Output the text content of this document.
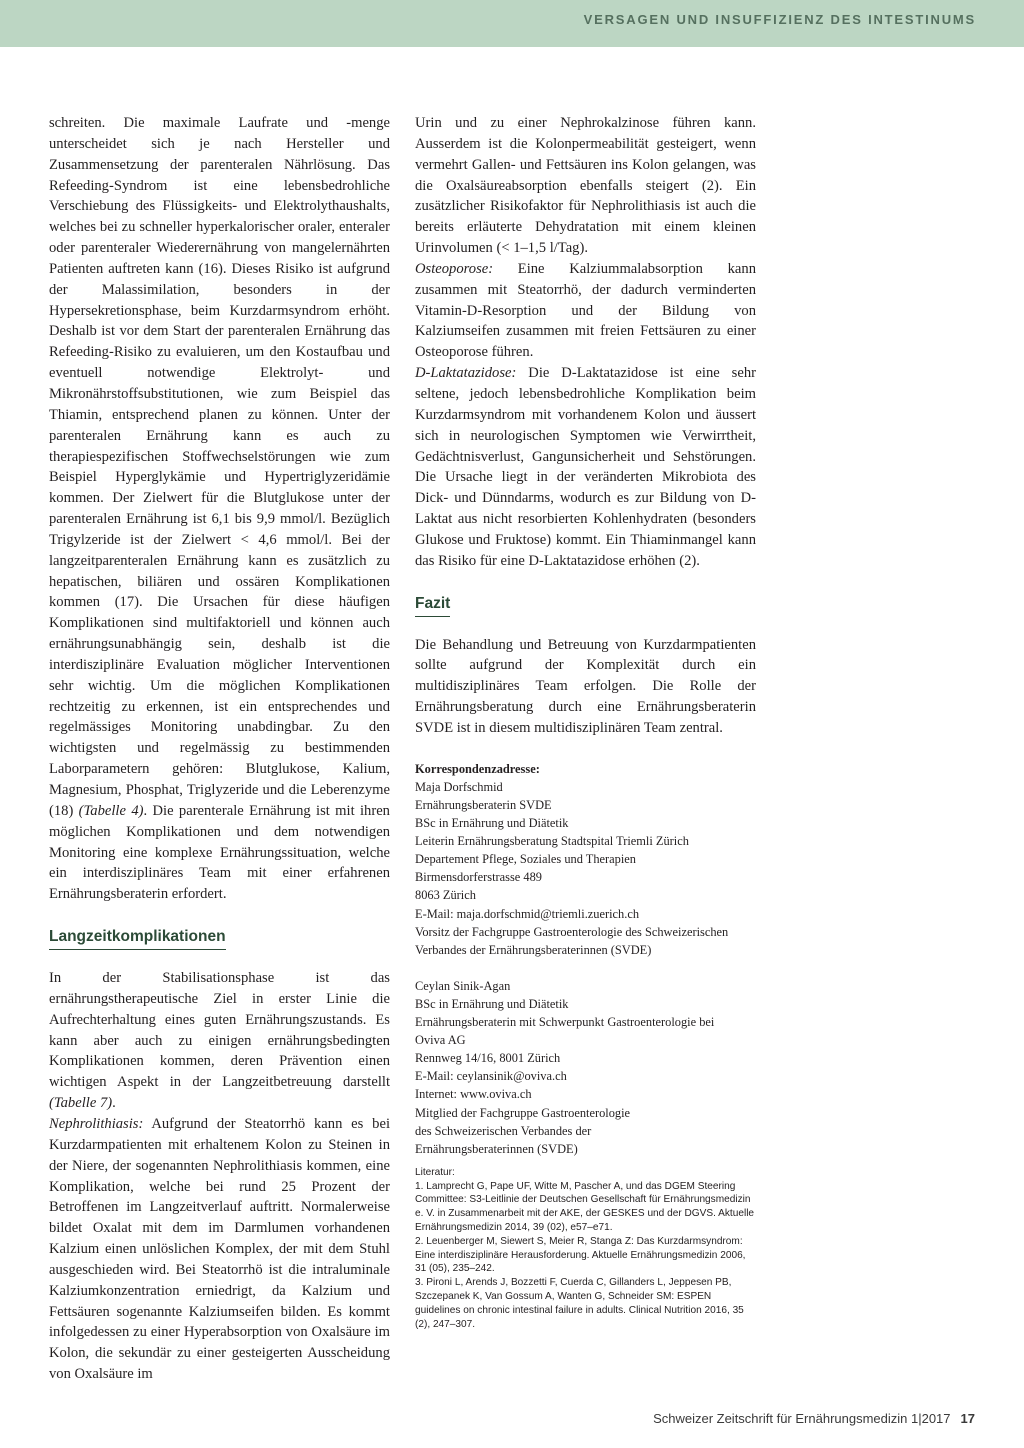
VERSAGEN UND INSUFFIZIENZ DES INTESTINUMS

schreiten. Die maximale Laufrate und -menge unterscheidet sich je nach Hersteller und Zusammensetzung der parenteralen Nährlösung. Das Refeeding-Syndrom ist eine lebensbedrohliche Verschiebung des Flüssigkeits- und Elektrolythaushalts, welches bei zu schneller hyperkalorischer oraler, enteraler oder parenteraler Wiederernährung von mangelernährten Patienten auftreten kann (16). Dieses Risiko ist aufgrund der Malassimilation, besonders in der Hypersekretionsphase, beim Kurzdarmsyndrom erhöht. Deshalb ist vor dem Start der parenteralen Ernährung das Refeeding-Risiko zu evaluieren, um den Kostaufbau und eventuell notwendige Elektrolyt- und Mikronährstoffsubstitutionen, wie zum Beispiel das Thiamin, entsprechend planen zu können. Unter der parenteralen Ernährung kann es auch zu therapiespezifischen Stoffwechselstörungen wie zum Beispiel Hyperglykämie und Hypertriglyzeridämie kommen. Der Zielwert für die Blutglukose unter der parenteralen Ernährung ist 6,1 bis 9,9 mmol/l. Bezüglich Trigylzeride ist der Zielwert < 4,6 mmol/l. Bei der langzeitparenteralen Ernährung kann es zusätzlich zu hepatischen, biliären und ossären Komplikationen kommen (17). Die Ursachen für diese häufigen Komplikationen sind multifaktoriell und können auch ernährungsunabhängig sein, deshalb ist die interdisziplinäre Evaluation möglicher Interventionen sehr wichtig. Um die möglichen Komplikationen rechtzeitig zu erkennen, ist ein entsprechendes und regelmässiges Monitoring unabdingbar. Zu den wichtigsten und regelmässig zu bestimmenden Laborparametern gehören: Blutglukose, Kalium, Magnesium, Phosphat, Triglyzeride und die Leberenzyme (18) (Tabelle 4). Die parenterale Ernährung ist mit ihren möglichen Komplikationen und dem notwendigen Monitoring eine komplexe Ernährungssituation, welche ein interdisziplinäres Team mit einer erfahrenen Ernährungsberaterin erfordert.

Langzeitkomplikationen

In der Stabilisationsphase ist das ernährungstherapeutische Ziel in erster Linie die Aufrechterhaltung eines guten Ernährungszustands. Es kann aber auch zu einigen ernährungsbedingten Komplikationen kommen, deren Prävention einen wichtigen Aspekt in der Langzeitbetreuung darstellt (Tabelle 7).

Nephrolithiasis: Aufgrund der Steatorrhö kann es bei Kurzdarmpatienten mit erhaltenem Kolon zu Steinen in der Niere, der sogenannten Nephrolithiasis kommen, eine Komplikation, welche bei rund 25 Prozent der Betroffenen im Langzeitverlauf auftritt. Normalerweise bildet Oxalat mit dem im Darmlumen vorhandenen Kalzium einen unlöslichen Komplex, der mit dem Stuhl ausgeschieden wird. Bei Steatorrhö ist die intraluminale Kalziumkonzentration erniedrigt, da Kalzium und Fettsäuren sogenannte Kalziumseifen bilden. Es kommt infolgedessen zu einer Hyperabsorption von Oxalsäure im Kolon, die sekundär zu einer gesteigerten Ausscheidung von Oxalsäure im

Urin und zu einer Nephrokalzinose führen kann. Ausserdem ist die Kolonpermeabilität gesteigert, wenn vermehrt Gallen- und Fettsäuren ins Kolon gelangen, was die Oxalsäureabsorption ebenfalls steigert (2). Ein zusätzlicher Risikofaktor für Nephrolithiasis ist auch die bereits erläuterte Dehydratation mit einem kleinen Urinvolumen (< 1–1,5 l/Tag).

Osteoporose: Eine Kalziummalabsorption kann zusammen mit Steatorrhö, der dadurch verminderten Vitamin-D-Resorption und der Bildung von Kalziumseifen zusammen mit freien Fettsäuren zu einer Osteoporose führen.

D-Laktatazidose: Die D-Laktatazidose ist eine sehr seltene, jedoch lebensbedrohliche Komplikation beim Kurzdarmsyndrom mit vorhandenem Kolon und äussert sich in neurologischen Symptomen wie Verwirrtheit, Gedächtnisverlust, Gangunsicherheit und Sehstörungen. Die Ursache liegt in der veränderten Mikrobiota des Dick- und Dünndarms, wodurch es zur Bildung von D-Laktat aus nicht resorbierten Kohlenhydraten (besonders Glukose und Fruktose) kommt. Ein Thiaminmangel kann das Risiko für eine D-Laktatazidose erhöhen (2).

Fazit

Die Behandlung und Betreuung von Kurzdarmpatienten sollte aufgrund der Komplexität durch ein multidisziplinäres Team erfolgen. Die Rolle der Ernährungsberatung durch eine Ernährungsberaterin SVDE ist in diesem multidisziplinären Team zentral.

Korrespondenzadresse:
Maja Dorfschmid
Ernährungsberaterin SVDE
BSc in Ernährung und Diätetik
Leiterin Ernährungsberatung Stadtspital Triemli Zürich
Departement Pflege, Soziales und Therapien
Birmensdorferstrasse 489
8063 Zürich
E-Mail: maja.dorfschmid@triemli.zuerich.ch
Vorsitz der Fachgruppe Gastroenterologie des Schweizerischen
Verbandes der Ernährungsberaterinnen (SVDE)
Ceylan Sinik-Agan
BSc in Ernährung und Diätetik
Ernährungsberaterin mit Schwerpunkt Gastroenterologie bei
Oviva AG
Rennweg 14/16, 8001 Zürich
E-Mail: ceylansinik@oviva.ch
Internet: www.oviva.ch
Mitglied der Fachgruppe Gastroenterologie
des Schweizerischen Verbandes der
Ernährungsberaterinnen (SVDE)
Literatur:
1. Lamprecht G, Pape UF, Witte M, Pascher A, und das DGEM Steering Committee: S3-Leitlinie der Deutschen Gesellschaft für Ernährungsmedizin e. V. in Zusammenarbeit mit der AKE, der GESKES und der DGVS. Aktuelle Ernährungsmedizin 2014, 39 (02), e57–e71.
2. Leuenberger M, Siewert S, Meier R, Stanga Z: Das Kurzdarmsyndrom: Eine interdisziplinäre Herausforderung. Aktuelle Ernährungsmedizin 2006, 31 (05), 235–242.
3. Pironi L, Arends J, Bozzetti F, Cuerda C, Gillanders L, Jeppesen PB, Szczepanek K, Van Gossum A, Wanten G, Schneider SM: ESPEN guidelines on chronic intestinal failure in adults. Clinical Nutrition 2016, 35 (2), 247–307.
Schweizer Zeitschrift für Ernährungsmedizin 1|2017 17
